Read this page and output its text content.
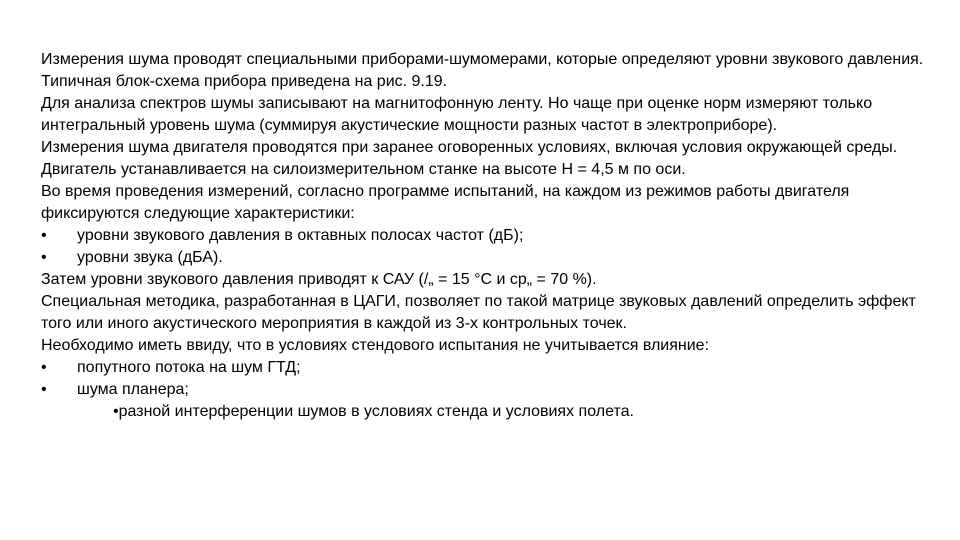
Измерения шума проводят специальными приборами-шумомерами, которые определяют уровни звукового давления. Типичная блок-схема прибора приведена на рис. 9.19.

Для анализа спектров шумы записывают на магнитофонную ленту. Но чаще при оценке норм измеряют только интегральный уровень шума (суммируя акустические мощности разных частот в электроприборе).

Измерения шума двигателя проводятся при заранее оговоренных условиях, включая условия окружающей среды.

Двигатель устанавливается на силоизмерительном станке на высоте Н = 4,5 м по оси.

Во время проведения измерений, согласно программе испытаний, на каждом из режимов работы двигателя фиксируются следующие характеристики:

•	уровни звукового давления в октавных полосах частот (дБ);
•	уровни звука (дБА).

Затем уровни звукового давления приводят к САУ (/„ = 15 °С и ср„ = 70 %).

Специальная методика, разработанная в ЦАГИ, позволяет по такой матрице звуковых давлений определить эффект того или иного акустического мероприятия в каждой из 3-х контрольных точек.

Необходимо иметь ввиду, что в условиях стендового испытания не учитывается влияние:

•	попутного потока на шум ГТД;
•	шума планера;
• разной интерференции шумов в условиях стенда и условиях полета.
